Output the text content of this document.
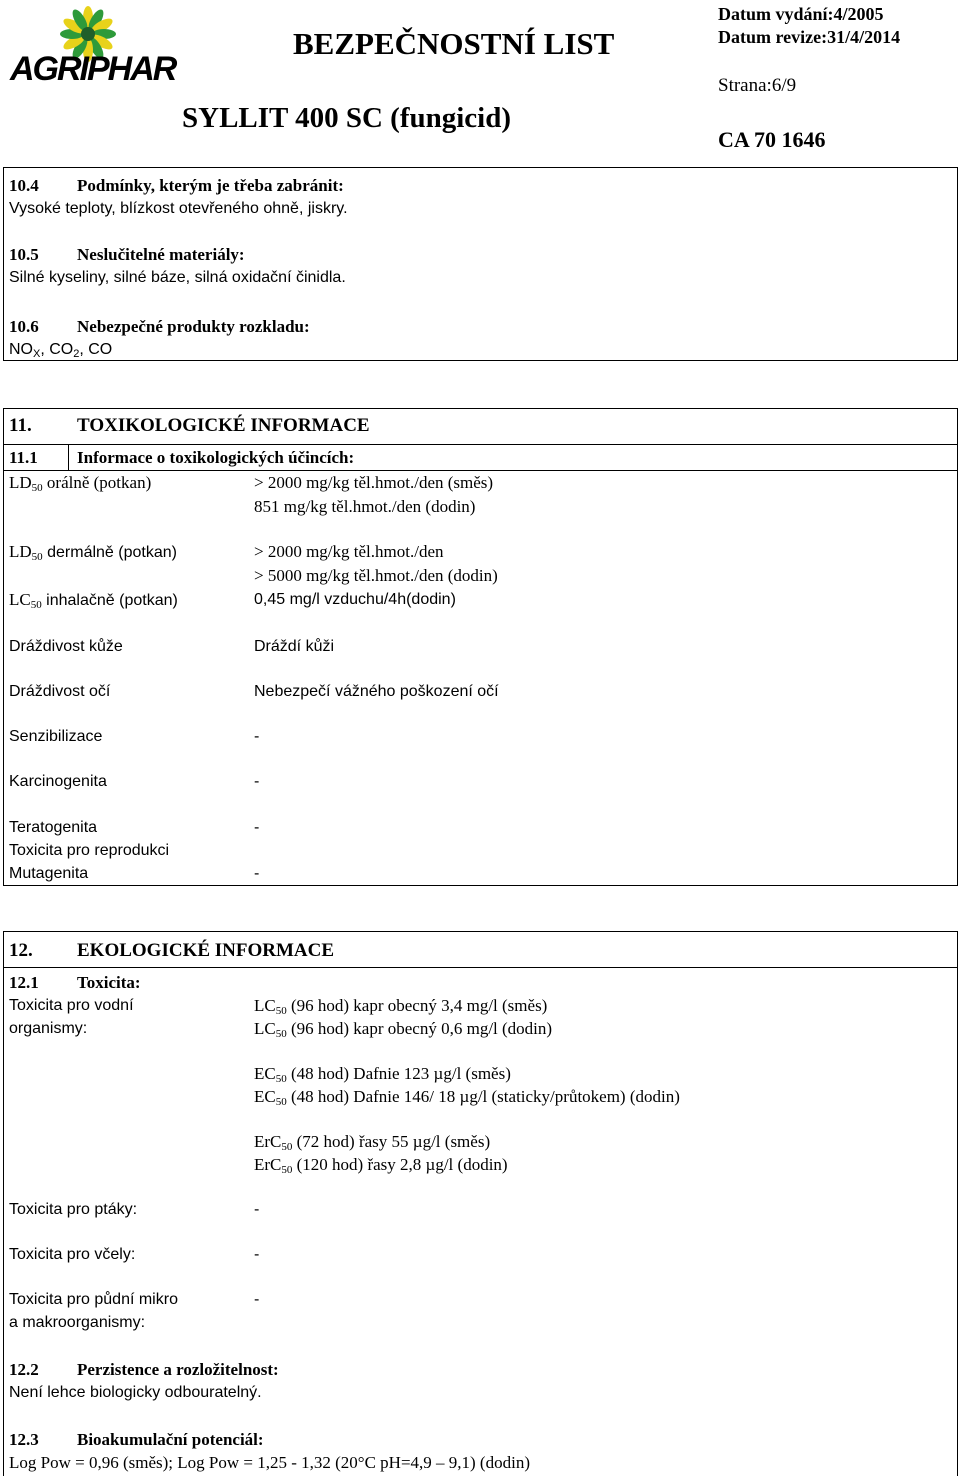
AGRIPHAR
BEZPEČNOSTNÍ LIST
SYLLIT 400 SC (fungicid)
Datum vydání:4/2005
Datum revize:31/4/2014
Strana:6/9
CA 70 1646
10.4 Podmínky, kterým je třeba zabránit:
Vysoké teploty, blízkost otevřeného ohně, jiskry.
10.5 Neslučitelné materiály:
Silné kyseliny, silné báze, silná oxidační činidla.
10.6 Nebezpečné produkty rozkladu:
$NO_X$, $CO_2$, CO
11. TOXIKOLOGICKÉ INFORMACE
11.1 Informace o toxikologických účincích:
$LD_{50}$ orálně (potkan)	> 2000 mg/kg těl.hmot./den (směs)
851 mg/kg těl.hmot./den (dodin)
$LD_{50}$ dermálně (potkan)	> 2000 mg/kg těl.hmot./den
> 5000 mg/kg těl.hmot./den (dodin)
$LC_{50}$ inhalačně (potkan)	0,45 mg/l vzduchu/4h(dodin)
Dráždivost kůže	Dráždí kůži
Dráždivost očí	Nebezpečí vážného poškození očí
Senzibilizace	-
Karcinogenita	-
Teratogenita	-
Toxicita pro reprodukci
Mutagenita	-
12. EKOLOGICKÉ INFORMACE
12.1 Toxicita:
Toxicita pro vodní
organismy:
$LC_{50}$ (96 hod) kapr obecný 3,4 mg/l (směs)
$LC_{50}$ (96 hod) kapr obecný 0,6 mg/l (dodin)
$EC_{50}$ (48 hod) Dafnie 123 µg/l (směs)
$EC_{50}$ (48 hod) Dafnie 146/ 18 µg/l (staticky/průtokem) (dodin)
ErC$_{50}$ (72 hod) řasy 55 µg/l (směs)
ErC$_{50}$ (120 hod) řasy 2,8 µg/l (dodin)
Toxicita pro ptáky:	-
Toxicita pro včely:	-
Toxicita pro půdní mikro
a makroorganismy:
-
12.2 Perzistence a rozložitelnost:
Není lehce biologicky odbouratelný.
12.3 Bioakumulační potenciál:
Log Pow = 0,96 (směs); Log Pow = 1,25 - 1,32 (20°C pH=4,9 – 9,1) (dodin)
